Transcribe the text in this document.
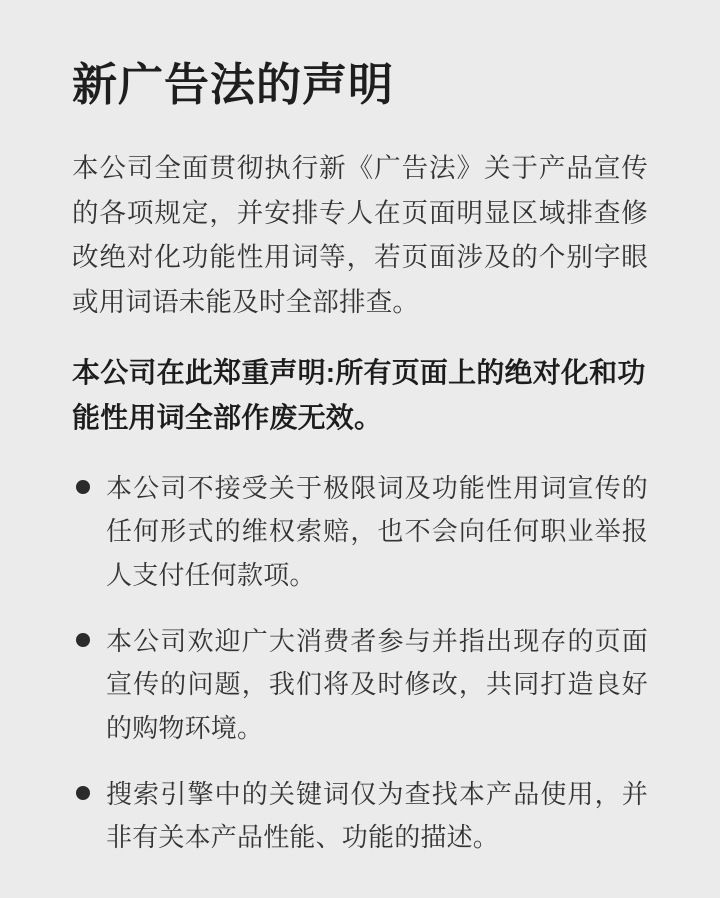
新广告法的声明

本公司全面贯彻执行新《广告法》关于产品宣传的各项规定，并安排专人在页面明显区域排查修改绝对化功能性用词等，若页面涉及的个别字眼或用词语未能及时全部排查。

本公司在此郑重声明:所有页面上的绝对化和功能性用词全部作废无效。

本公司不接受关于极限词及功能性用词宣传的任何形式的维权索赔，也不会向任何职业举报人支付任何款项。
本公司欢迎广大消费者参与并指出现存的页面宣传的问题，我们将及时修改，共同打造良好的购物环境。
搜索引擎中的关键词仅为查找本产品使用，并非有关本产品性能、功能的描述。
